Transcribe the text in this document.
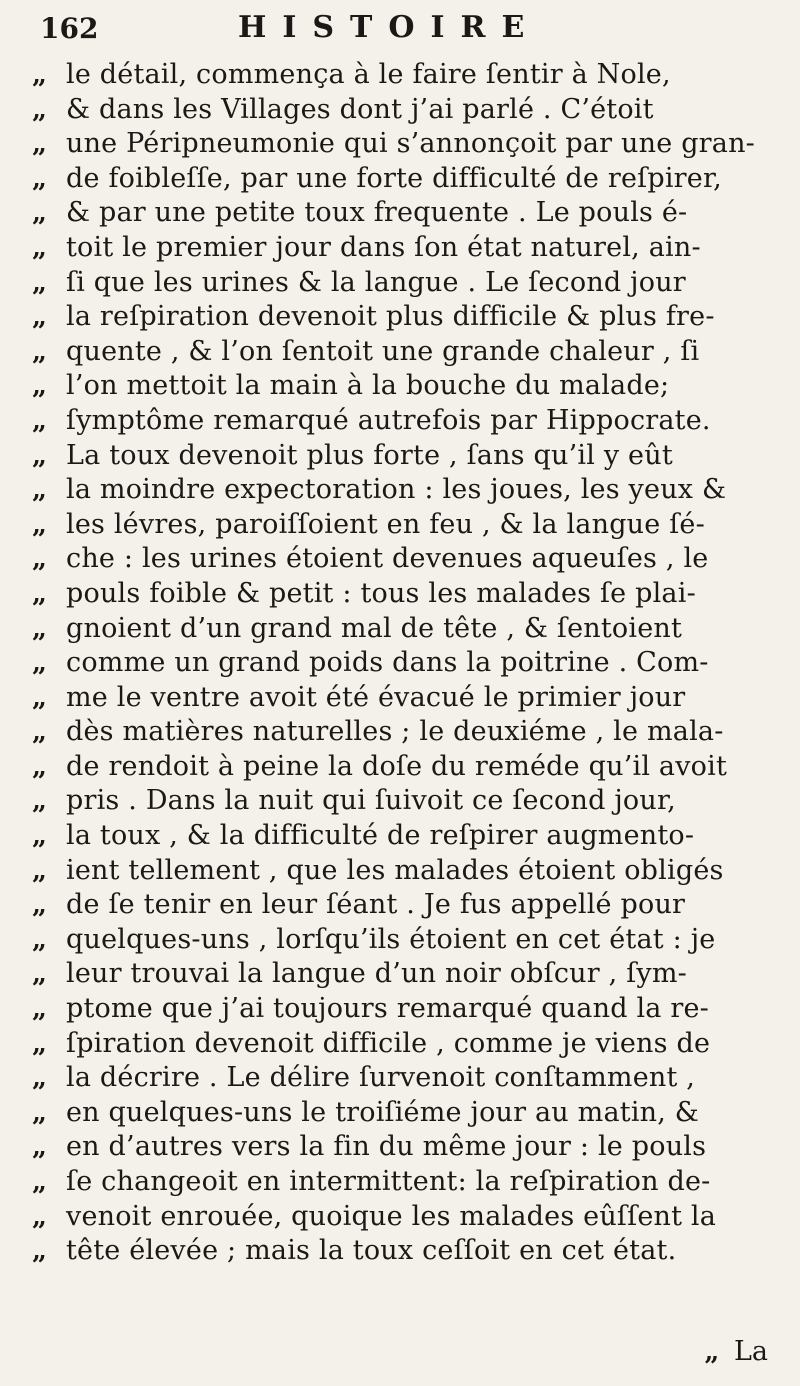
162	HISTOIRE
„ le détail, commença à le faire ſentir à Nole,
„ & dans les Villages dont j’ai parlé . C’étoit
„ une Péripneumonie qui s’annonçoit par une gran-
„ de foibleſſe, par une forte difficulté de reſpirer,
„ & par une petite toux frequente . Le pouls é-
„ toit le premier jour dans ſon état naturel, ain-
„ ſi que les urines & la langue . Le ſecond jour
„ la reſpiration devenoit plus difficile & plus fre-
„ quente , & l’on ſentoit une grande chaleur , ſi
„ l’on mettoit la main à la bouche du malade;
„ ſymptôme remarqué autrefois par Hippocrate.
„ La toux devenoit plus forte , ſans qu’il y eût
„ la moindre expectoration : les joues, les yeux &
„ les lévres, paroiſſoient en feu , & la langue ſé-
„ che : les urines étoient devenues aqueuſes , le
„ pouls foible & petit : tous les malades ſe plai-
„ gnoient d’un grand mal de tête , & ſentoient
„ comme un grand poids dans la poitrine . Com-
„ me le ventre avoit été évacué le primier jour
„ dès matières naturelles ; le deuxiéme , le mala-
„ de rendoit à peine la doſe du reméde qu’il avoit
„ pris . Dans la nuit qui ſuivoit ce ſecond jour,
„ la toux , & la difficulté de reſpirer augmento-
„ ient tellement , que les malades étoient obligés
„ de ſe tenir en leur ſéant . Je fus appellé pour
„ quelques-uns , lorſqu’ils étoient en cet état : je
„ leur trouvai la langue d’un noir obſcur , ſym-
„ ptome que j’ai toujours remarqué quand la re-
„ ſpiration devenoit difficile , comme je viens de
„ la décrire . Le délire ſurvenoit conſtamment ,
„ en quelques-uns le troiſiéme jour au matin, &
„ en d’autres vers la fin du même jour : le pouls
„ ſe changeoit en intermittent: la reſpiration de-
„ venoit enrouée, quoique les malades eûſſent la
„ tête élevée ; mais la toux ceſſoit en cet état.
„ La
